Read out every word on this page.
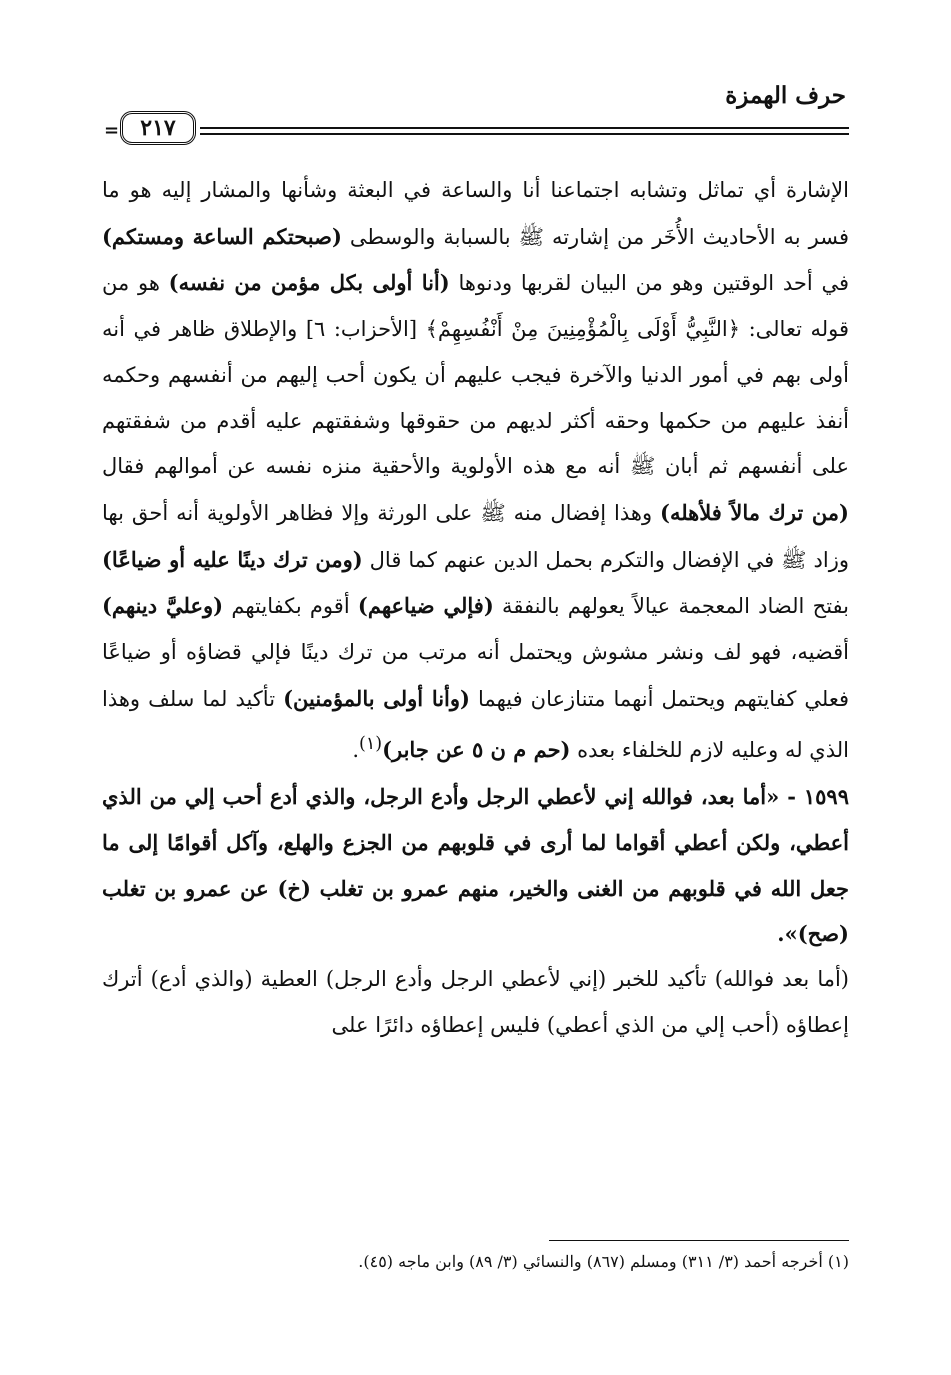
حرف الهمزة
٢١٧
=

الإشارة أي تماثل وتشابه اجتماعنا أنا والساعة في البعثة وشأنها والمشار إليه هو ما فسر به الأحاديث الأُخَر من إشارته ﷺ بالسبابة والوسطى (صبحتكم الساعة ومستكم) في أحد الوقتين وهو من البيان لقربها ودنوها (أنا أولى بكل مؤمن من نفسه) هو من قوله تعالى: ﴿النَّبِيُّ أَوْلَى بِالْمُؤْمِنِينَ مِنْ أَنْفُسِهِمْ﴾ [الأحزاب: ٦] والإطلاق ظاهر في أنه أولى بهم في أمور الدنيا والآخرة فيجب عليهم أن يكون أحب إليهم من أنفسهم وحكمه أنفذ عليهم من حكمها وحقه أكثر لديهم من حقوقها وشفقتهم عليه أقدم من شفقتهم على أنفسهم ثم أبان ﷺ أنه مع هذه الأولوية والأحقية منزه نفسه عن أموالهم فقال (من ترك مالاً فلأهله) وهذا إفضال منه ﷺ على الورثة وإلا فظاهر الأولوية أنه أحق بها وزاد ﷺ في الإفضال والتكرم بحمل الدين عنهم كما قال (ومن ترك دينًا عليه أو ضياعًا) بفتح الضاد المعجمة عيالاً يعولهم بالنفقة (فإلي ضياعهم) أقوم بكفايتهم (وعليَّ دينهم) أقضيه، فهو لف ونشر مشوش ويحتمل أنه مرتب من ترك دينًا فإلي قضاؤه أو ضياعًا فعلي كفايتهم ويحتمل أنهما متنازعان فيهما (وأنا أولى بالمؤمنين) تأكيد لما سلف وهذا الذي له وعليه لازم للخلفاء بعده (حم م ن ٥ عن جابر)$^{(١)}$.

١٥٩٩ - «أما بعد، فوالله إني لأعطي الرجل وأدع الرجل، والذي أدع أحب إلي من الذي أعطي، ولكن أعطي أقواما لما أرى في قلوبهم من الجزع والهلع، وآكل أقوامًا إلى ما جعل الله في قلوبهم من الغنى والخير، منهم عمرو بن تغلب (خ) عن عمرو بن تغلب (صح)».

(أما بعد فوالله) تأكيد للخبر (إني لأعطي الرجل وأدع الرجل) العطية (والذي أدع) أترك إعطاؤه (أحب إلي من الذي أعطي) فليس إعطاؤه دائرًا على

(١) أخرجه أحمد (٣/ ٣١١) ومسلم (٨٦٧) والنسائي (٣/ ٨٩) وابن ماجه (٤٥).
